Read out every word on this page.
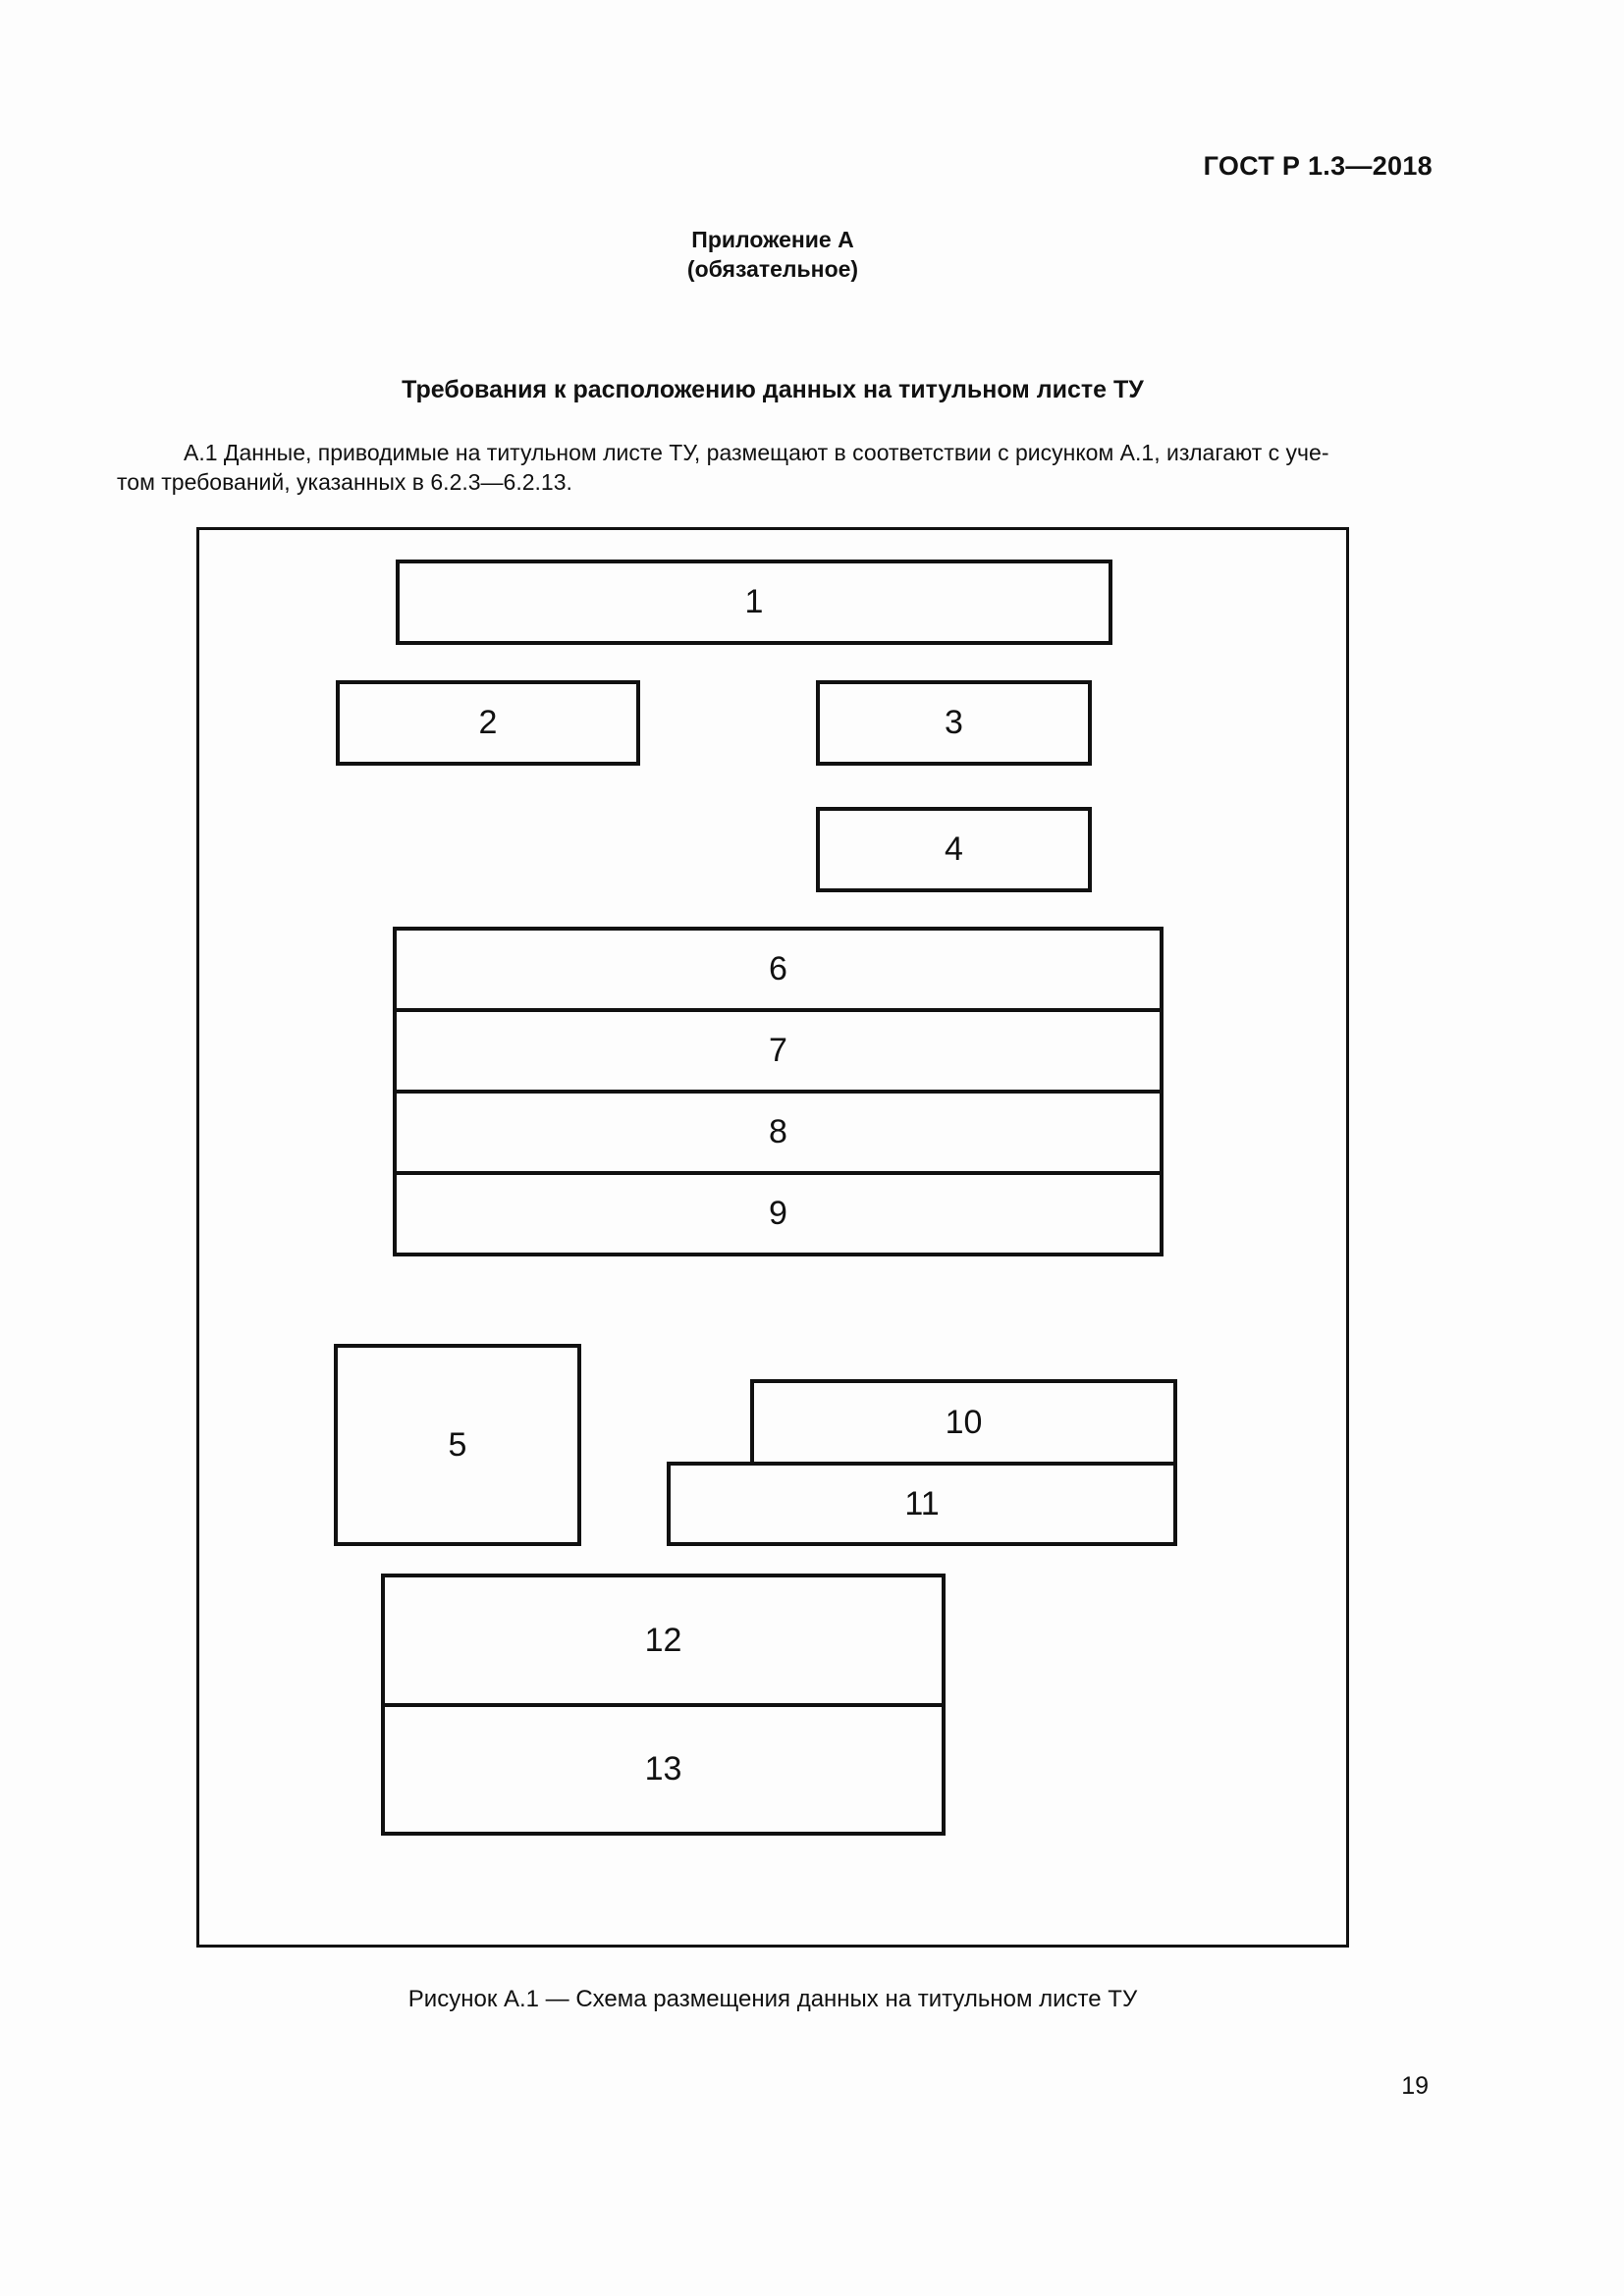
ГОСТ Р 1.3—2018
Приложение А
(обязательное)
Требования к расположению данных на титульном листе ТУ
А.1 Данные, приводимые на титульном листе ТУ, размещают в соответствии с рисунком А.1, излагают с уче-
том требований, указанных в 6.2.3—6.2.13.
1
2	3
4
6
7
8
9
5
10
11
12
13
Рисунок А.1 — Схема размещения данных на титульном листе ТУ
19
